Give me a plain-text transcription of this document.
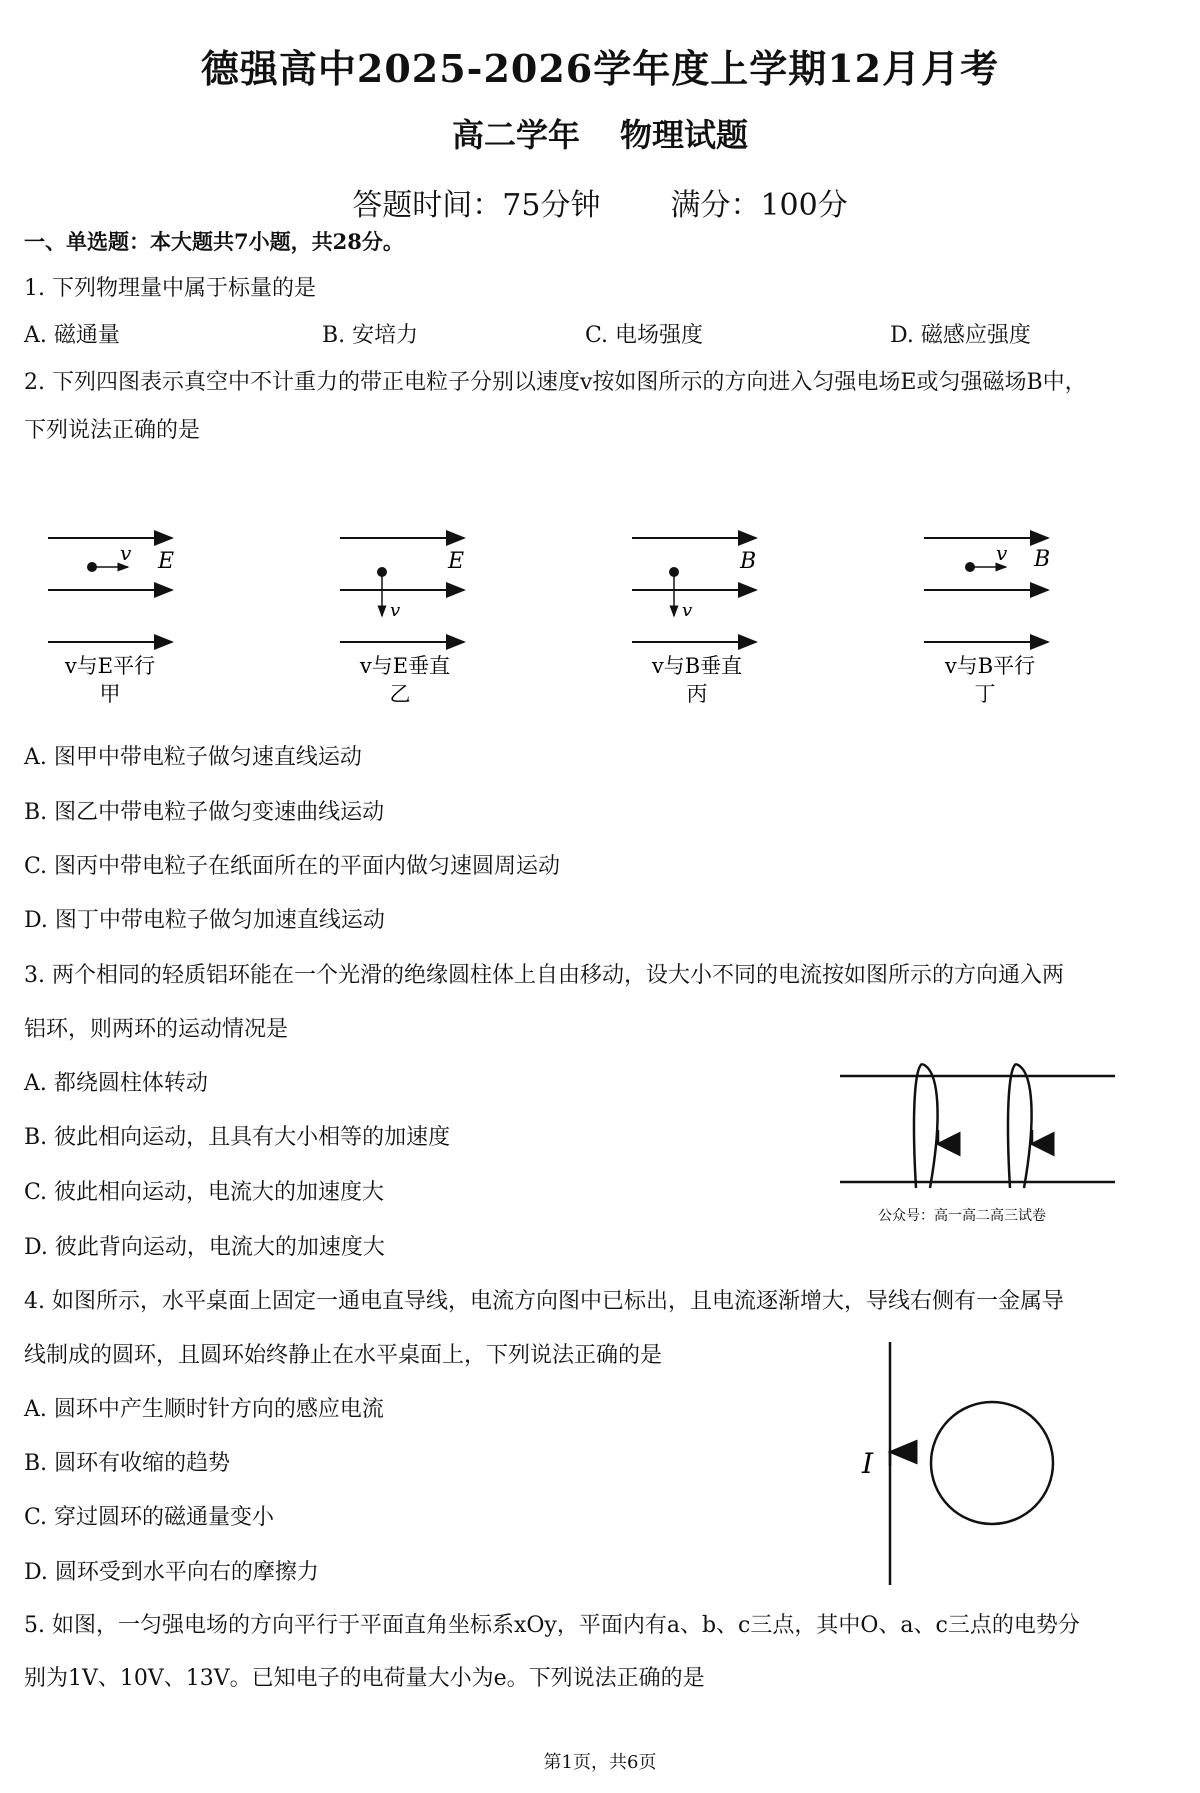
德强高中2025-2026学年度上学期12月月考
高二学年 物理试题
答题时间：75分钟 满分：100分
一、单选题：本大题共7小题，共28分。
1. 下列物理量中属于标量的是
A. 磁通量	B. 安培力	C. 电场强度	D. 磁感应强度
2. 下列四图表示真空中不计重力的带正电粒子分别以速度v按如图所示的方向进入匀强电场E或匀强磁场B中，
下列说法正确的是
v E
v与E平行
甲
v
E
v与E垂直
乙
v
B
v与B垂直
丙
v B
v与B平行
丁
A. 图甲中带电粒子做匀速直线运动
B. 图乙中带电粒子做匀变速曲线运动
C. 图丙中带电粒子在纸面所在的平面内做匀速圆周运动
D. 图丁中带电粒子做匀加速直线运动
3. 两个相同的轻质铝环能在一个光滑的绝缘圆柱体上自由移动，设大小不同的电流按如图所示的方向通入两
铝环，则两环的运动情况是
A. 都绕圆柱体转动
B. 彼此相向运动，且具有大小相等的加速度
C. 彼此相向运动，电流大的加速度大
D. 彼此背向运动，电流大的加速度大
公众号：高一高二高三试卷
4. 如图所示，水平桌面上固定一通电直导线，电流方向图中已标出，且电流逐渐增大，导线右侧有一金属导
线制成的圆环，且圆环始终静止在水平桌面上，下列说法正确的是
A. 圆环中产生顺时针方向的感应电流
B. 圆环有收缩的趋势
C. 穿过圆环的磁通量变小
D. 圆环受到水平向右的摩擦力
I
5. 如图，一匀强电场的方向平行于平面直角坐标系xOy，平面内有a、b、c三点，其中O、a、c三点的电势分
别为1V、10V、13V。已知电子的电荷量大小为e。下列说法正确的是
第1页，共6页
